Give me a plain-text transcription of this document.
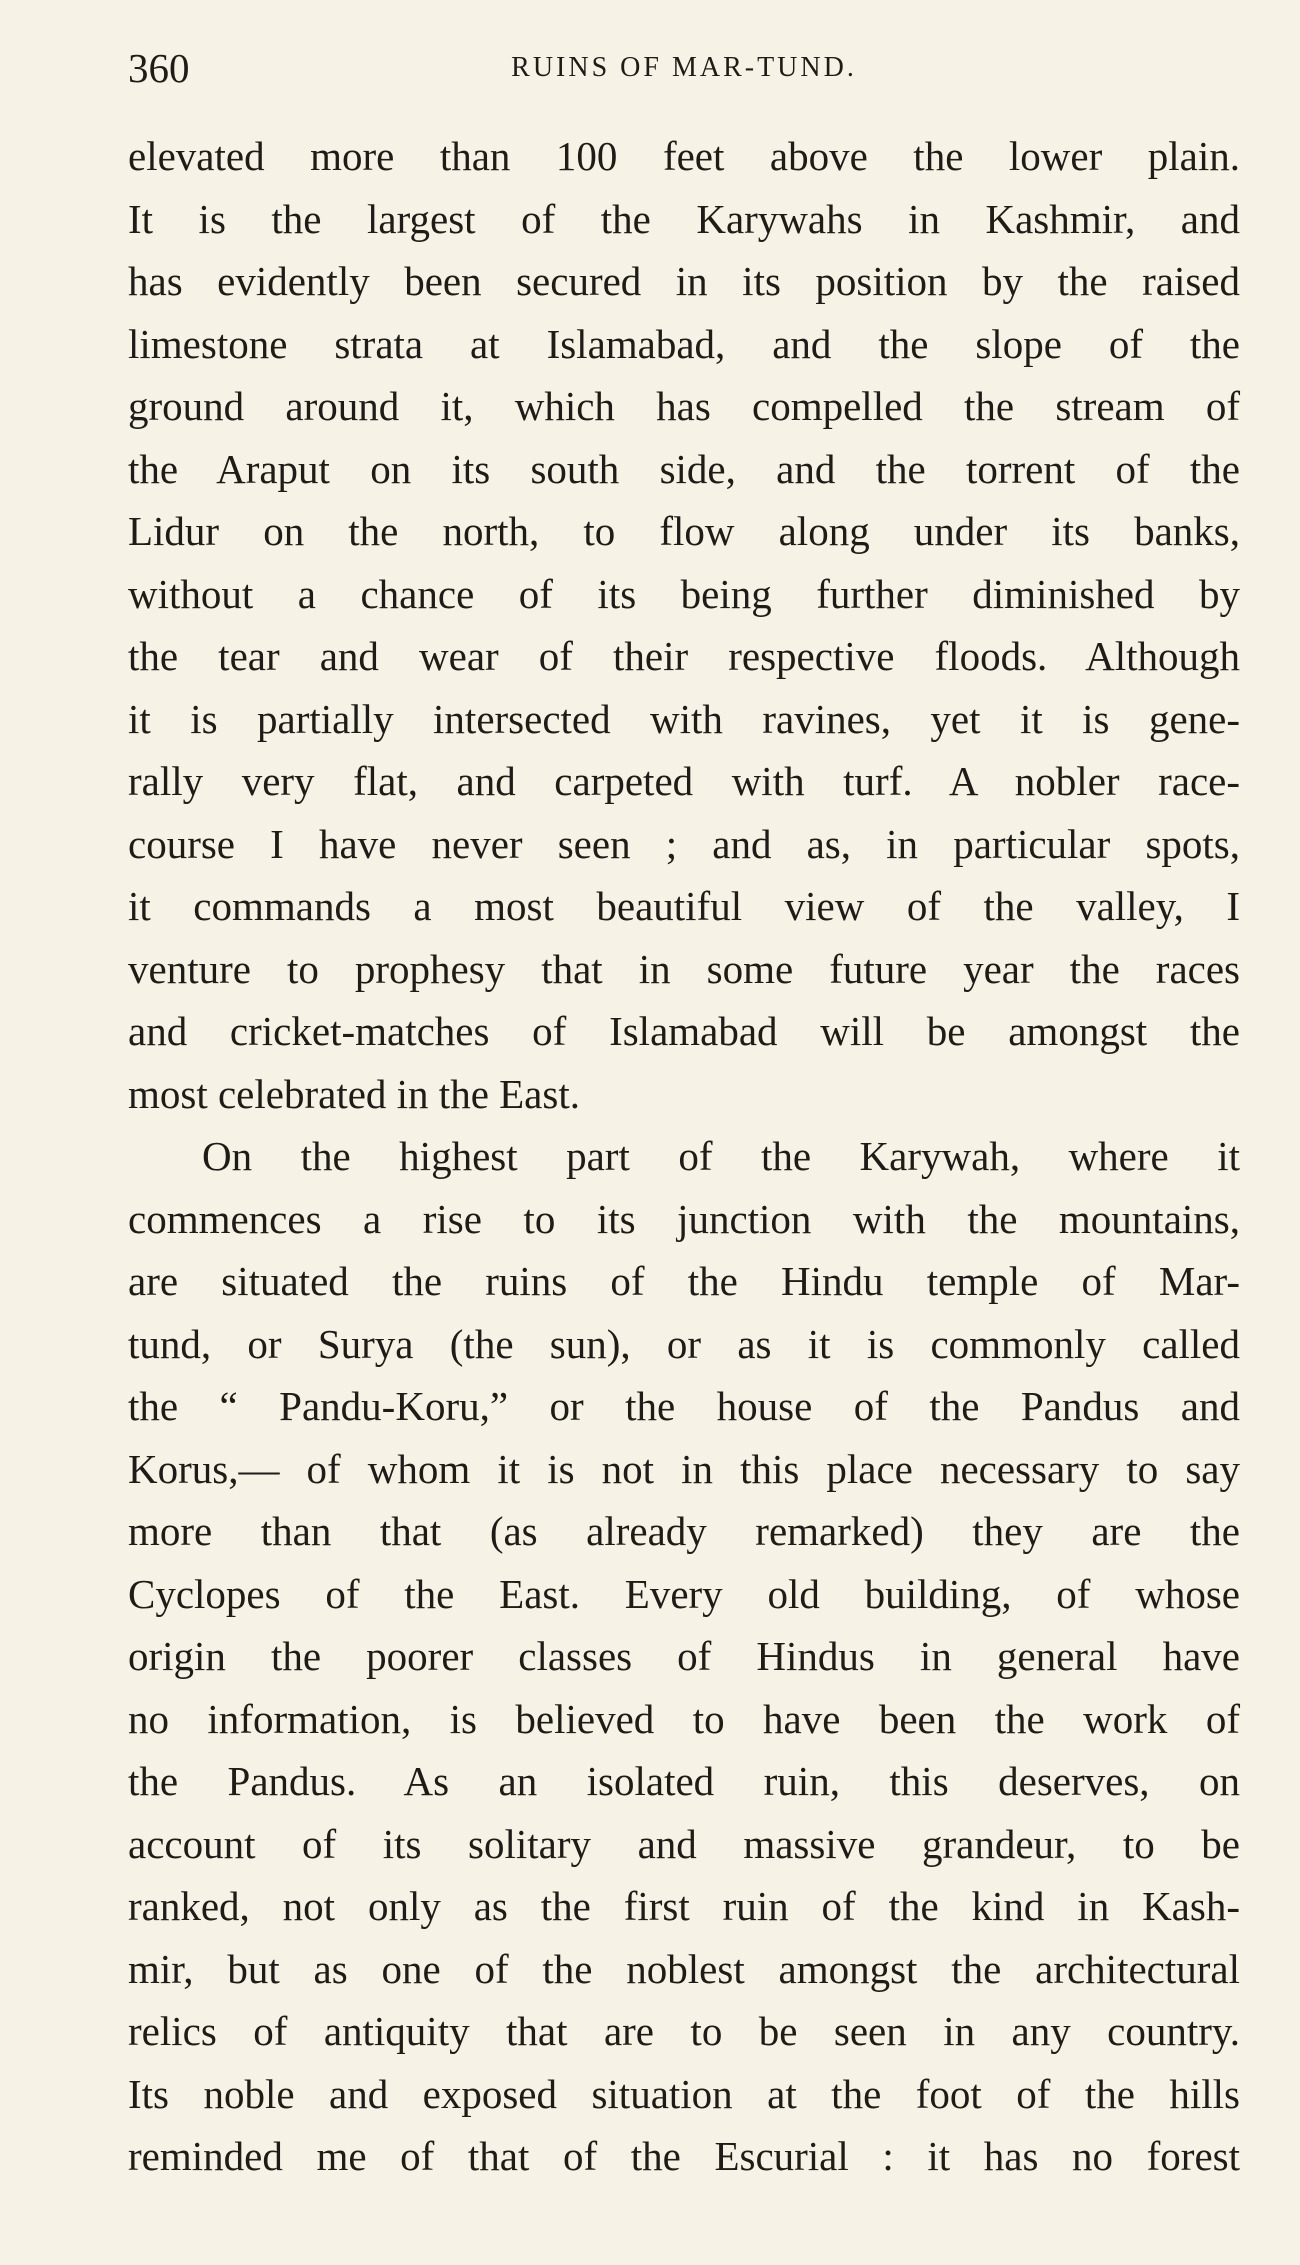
360	RUINS OF MAR-TUND.
elevated more than 100 feet above the lower plain.
It is the largest of the Karywahs in Kashmir, and
has evidently been secured in its position by the raised
limestone strata at Islamabad, and the slope of the
ground around it, which has compelled the stream of
the Araput on its south side, and the torrent of the
Lidur on the north, to flow along under its banks,
without a chance of its being further diminished by
the tear and wear of their respective floods. Although
it is partially intersected with ravines, yet it is gene-
rally very flat, and carpeted with turf. A nobler race-
course I have never seen ; and as, in particular spots,
it commands a most beautiful view of the valley, I
venture to prophesy that in some future year the races
and cricket-matches of Islamabad will be amongst the
most celebrated in the East.
On the highest part of the Karywah, where it
commences a rise to its junction with the mountains,
are situated the ruins of the Hindu temple of Mar-
tund, or Surya (the sun), or as it is commonly called
the “ Pandu-Koru,” or the house of the Pandus and
Korus,— of whom it is not in this place necessary to say
more than that (as already remarked) they are the
Cyclopes of the East. Every old building, of whose
origin the poorer classes of Hindus in general have
no information, is believed to have been the work of
the Pandus. As an isolated ruin, this deserves, on
account of its solitary and massive grandeur, to be
ranked, not only as the first ruin of the kind in Kash-
mir, but as one of the noblest amongst the architectural
relics of antiquity that are to be seen in any country.
Its noble and exposed situation at the foot of the hills
reminded me of that of the Escurial : it has no forest
